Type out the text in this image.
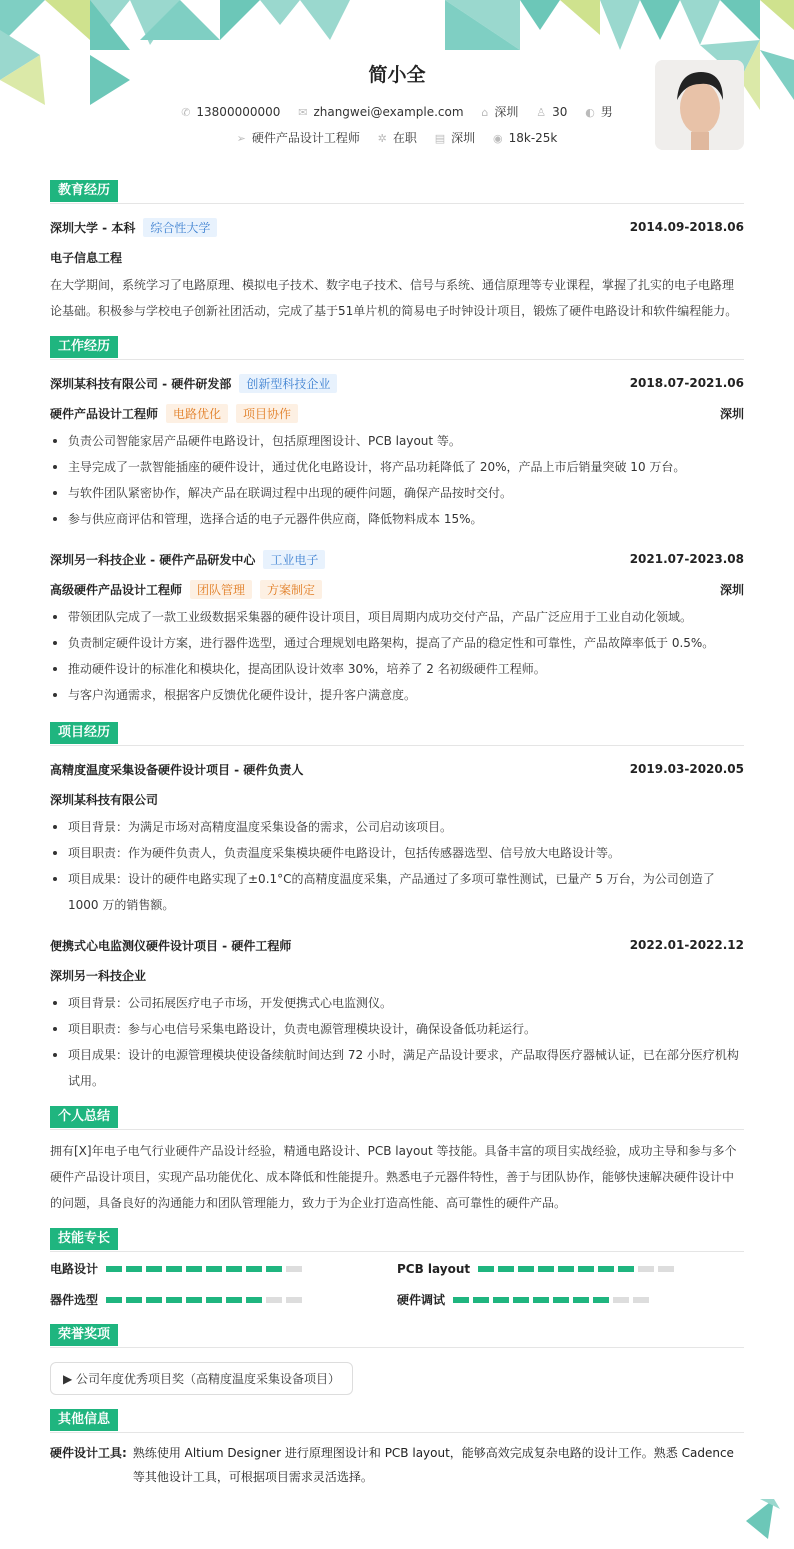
简小全
✆ 13800000000 ✉ zhangwei@example.com ⌂ 深圳 ♙ 30 ◐ 男
➢ 硬件产品设计工程师 ✲ 在职 ▤ 深圳 ◉ 18k-25k
教育经历
深圳大学 - 本科 综合性大学	2014.09-2018.06
电子信息工程

在大学期间，系统学习了电路原理、模拟电子技术、数字电子技术、信号与系统、通信原理等专业课程，掌握了扎实的电子电路理论基础。积极参与学校电子创新社团活动，完成了基于51单片机的简易电子时钟设计项目，锻炼了硬件电路设计和软件编程能力。

工作经历
深圳某科技有限公司 - 硬件研发部 创新型科技企业	2018.07-2021.06
硬件产品设计工程师 电路优化 项目协作	深圳
负责公司智能家居产品硬件电路设计，包括原理图设计、PCB layout 等。
主导完成了一款智能插座的硬件设计，通过优化电路设计，将产品功耗降低了 20%，产品上市后销量突破 10 万台。
与软件团队紧密协作，解决产品在联调过程中出现的硬件问题，确保产品按时交付。
参与供应商评估和管理，选择合适的电子元器件供应商，降低物料成本 15%。
深圳另一科技企业 - 硬件产品研发中心 工业电子	2021.07-2023.08
高级硬件产品设计工程师 团队管理 方案制定	深圳
带领团队完成了一款工业级数据采集器的硬件设计项目，项目周期内成功交付产品，产品广泛应用于工业自动化领域。
负责制定硬件设计方案，进行器件选型，通过合理规划电路架构，提高了产品的稳定性和可靠性，产品故障率低于 0.5%。
推动硬件设计的标准化和模块化，提高团队设计效率 30%，培养了 2 名初级硬件工程师。
与客户沟通需求，根据客户反馈优化硬件设计，提升客户满意度。
项目经历
高精度温度采集设备硬件设计项目 - 硬件负责人	2019.03-2020.05
深圳某科技有限公司
项目背景：为满足市场对高精度温度采集设备的需求，公司启动该项目。
项目职责：作为硬件负责人，负责温度采集模块硬件电路设计，包括传感器选型、信号放大电路设计等。
项目成果：设计的硬件电路实现了±0.1°C的高精度温度采集，产品通过了多项可靠性测试，已量产 5 万台，为公司创造了 1000 万的销售额。
便携式心电监测仪硬件设计项目 - 硬件工程师	2022.01-2022.12
深圳另一科技企业
项目背景：公司拓展医疗电子市场，开发便携式心电监测仪。
项目职责：参与心电信号采集电路设计，负责电源管理模块设计，确保设备低功耗运行。
项目成果：设计的电源管理模块使设备续航时间达到 72 小时，满足产品设计要求，产品取得医疗器械认证，已在部分医疗机构试用。
个人总结

拥有[X]年电子电气行业硬件产品设计经验，精通电路设计、PCB layout 等技能。具备丰富的项目实战经验，成功主导和参与多个硬件产品设计项目，实现产品功能优化、成本降低和性能提升。熟悉电子元器件特性，善于与团队协作，能够快速解决硬件设计中的问题，具备良好的沟通能力和团队管理能力，致力于为企业打造高性能、高可靠性的硬件产品。

技能专长
电路设计	PCB layout
器件选型	硬件调试
荣誉奖项
▶ 公司年度优秀项目奖（高精度温度采集设备项目）
其他信息
硬件设计工具: 熟练使用 Altium Designer 进行原理图设计和 PCB layout，能够高效完成复杂电路的设计工作。熟悉 Cadence 等其他设计工具，可根据项目需求灵活选择。
